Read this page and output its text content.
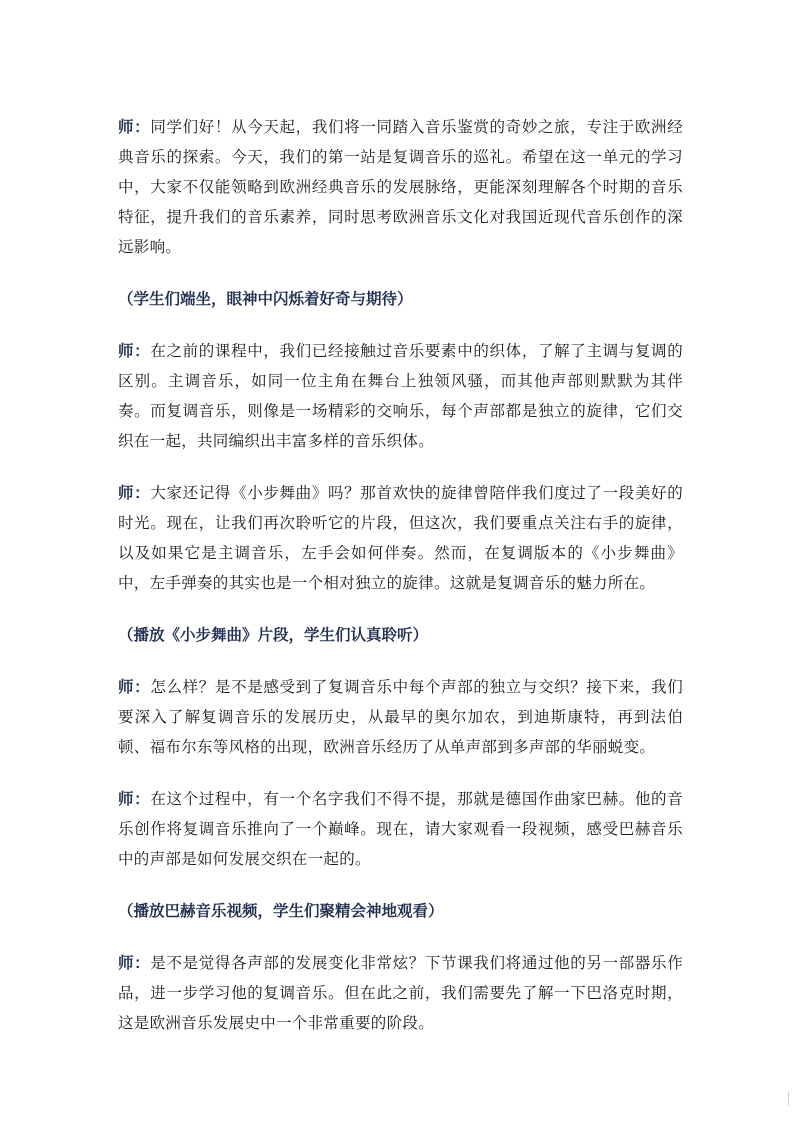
师：同学们好！从今天起，我们将一同踏入音乐鉴赏的奇妙之旅，专注于欧洲经典音乐的探索。今天，我们的第一站是复调音乐的巡礼。希望在这一单元的学习中，大家不仅能领略到欧洲经典音乐的发展脉络，更能深刻理解各个时期的音乐特征，提升我们的音乐素养，同时思考欧洲音乐文化对我国近现代音乐创作的深远影响。

（学生们端坐，眼神中闪烁着好奇与期待）

师：在之前的课程中，我们已经接触过音乐要素中的织体，了解了主调与复调的区别。主调音乐，如同一位主角在舞台上独领风骚，而其他声部则默默为其伴奏。而复调音乐，则像是一场精彩的交响乐，每个声部都是独立的旋律，它们交织在一起，共同编织出丰富多样的音乐织体。

师：大家还记得《小步舞曲》吗？那首欢快的旋律曾陪伴我们度过了一段美好的时光。现在，让我们再次聆听它的片段，但这次，我们要重点关注右手的旋律，以及如果它是主调音乐，左手会如何伴奏。然而，在复调版本的《小步舞曲》中，左手弹奏的其实也是一个相对独立的旋律。这就是复调音乐的魅力所在。

（播放《小步舞曲》片段，学生们认真聆听）

师：怎么样？是不是感受到了复调音乐中每个声部的独立与交织？接下来，我们要深入了解复调音乐的发展历史，从最早的奥尔加农，到迪斯康特，再到法伯顿、福布尔东等风格的出现，欧洲音乐经历了从单声部到多声部的华丽蜕变。

师：在这个过程中，有一个名字我们不得不提，那就是德国作曲家巴赫。他的音乐创作将复调音乐推向了一个巅峰。现在，请大家观看一段视频，感受巴赫音乐中的声部是如何发展交织在一起的。

（播放巴赫音乐视频，学生们聚精会神地观看）

师：是不是觉得各声部的发展变化非常炫？下节课我们将通过他的另一部器乐作品，进一步学习他的复调音乐。但在此之前，我们需要先了解一下巴洛克时期，这是欧洲音乐发展史中一个非常重要的阶段。
